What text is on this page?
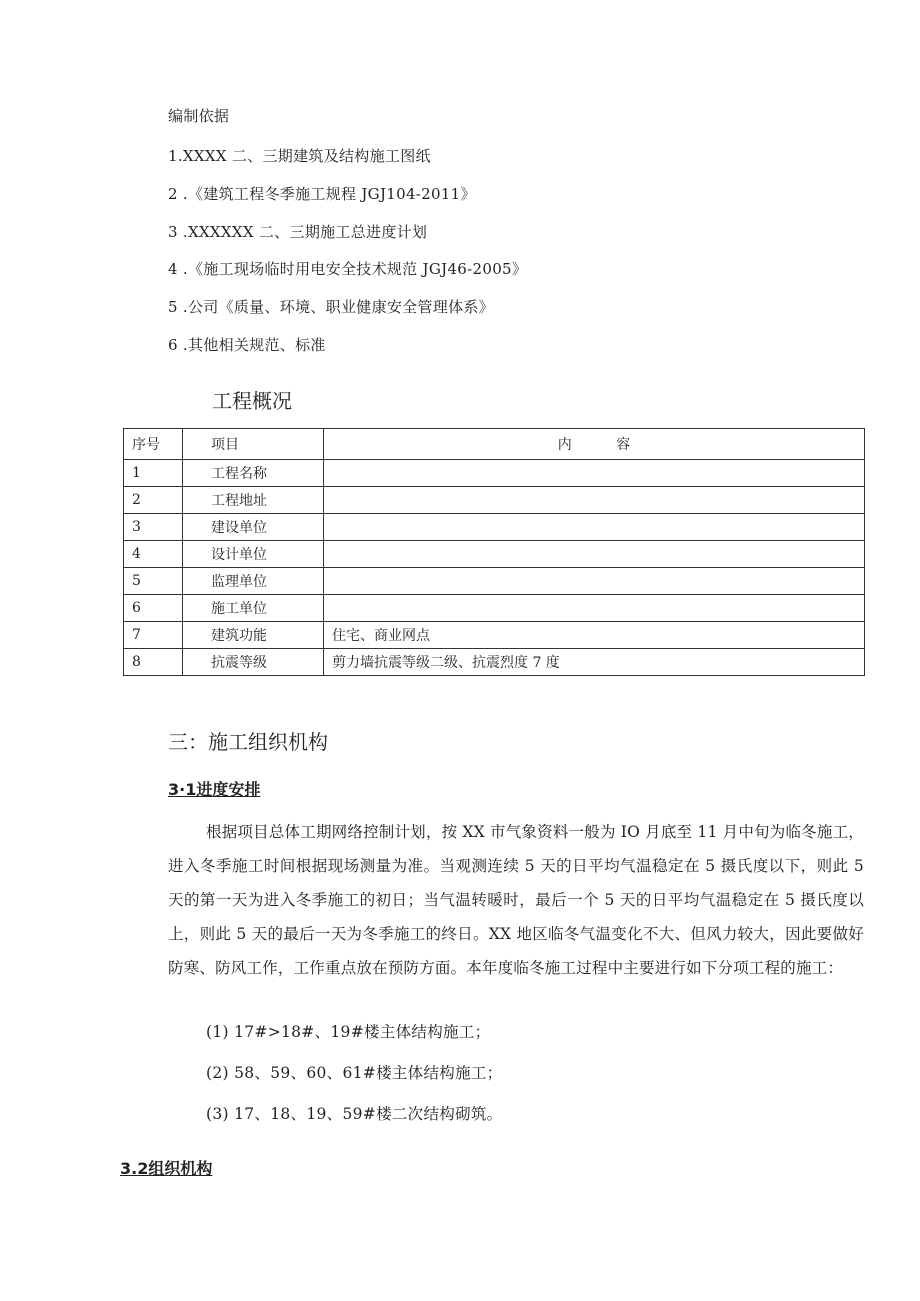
编制依据
1.XXXX 二、三期建筑及结构施工图纸
2 .《建筑工程冬季施工规程 JGJ104-2011》
3 .XXXXXX 二、三期施工总进度计划
4 .《施工现场临时用电安全技术规范 JGJ46-2005》
5 .公司《质量、环境、职业健康安全管理体系》
6 .其他相关规范、标准
工程概况
序号	项目	内          容
1	工程名称	
2	工程地址	
3	建设单位	
4	设计单位	
5	监理单位	
6	施工单位	
7	建筑功能	住宅、商业网点
8	抗震等级	剪力墙抗震等级二级、抗震烈度 7 度
三：施工组织机构
3·1进度安排
根据项目总体工期网络控制计划，按 XX 市气象资料一般为 IO 月底至 11 月中旬为临冬施工，进入冬季施工时间根据现场测量为准。当观测连续 5 天的日平均气温稳定在 5 摄氏度以下，则此 5 天的第一天为进入冬季施工的初日；当气温转暖时，最后一个 5 天的日平均气温稳定在 5 摄氏度以上，则此 5 天的最后一天为冬季施工的终日。XX 地区临冬气温变化不大、但风力较大，因此要做好防寒、防风工作，工作重点放在预防方面。本年度临冬施工过程中主要进行如下分项工程的施工：
(1) 17#>18#、19#楼主体结构施工；
(2) 58、59、60、61#楼主体结构施工；
(3) 17、18、19、59#楼二次结构砌筑。
3.2组织机构
